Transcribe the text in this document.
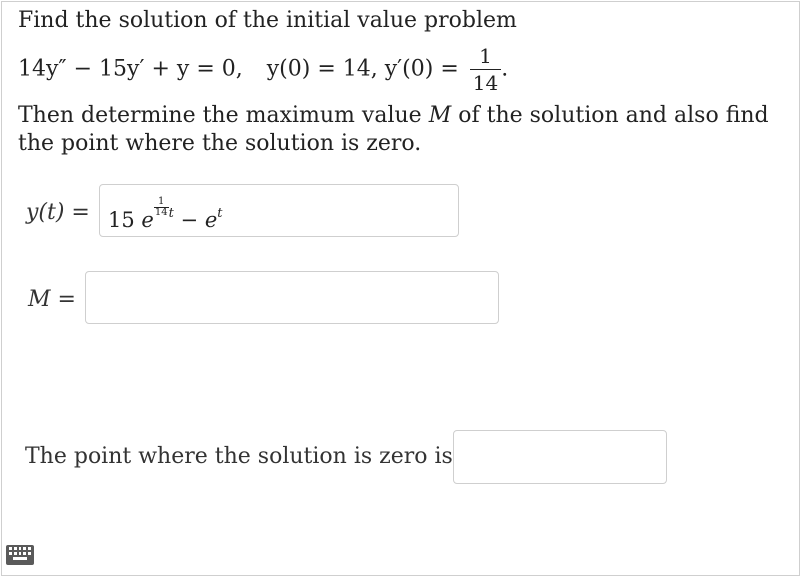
Find the solution of the initial value problem
14y″ − 15y′ + y = 0, y(0) = 14, $y'(0) = \frac{1}{14}$ .
Then determine the maximum value M of the solution and also find
the point where the solution is zero.
y(t) = 15 e
$\frac{1}{14} ^t - e^t$
M =
The point where the solution is zero is
